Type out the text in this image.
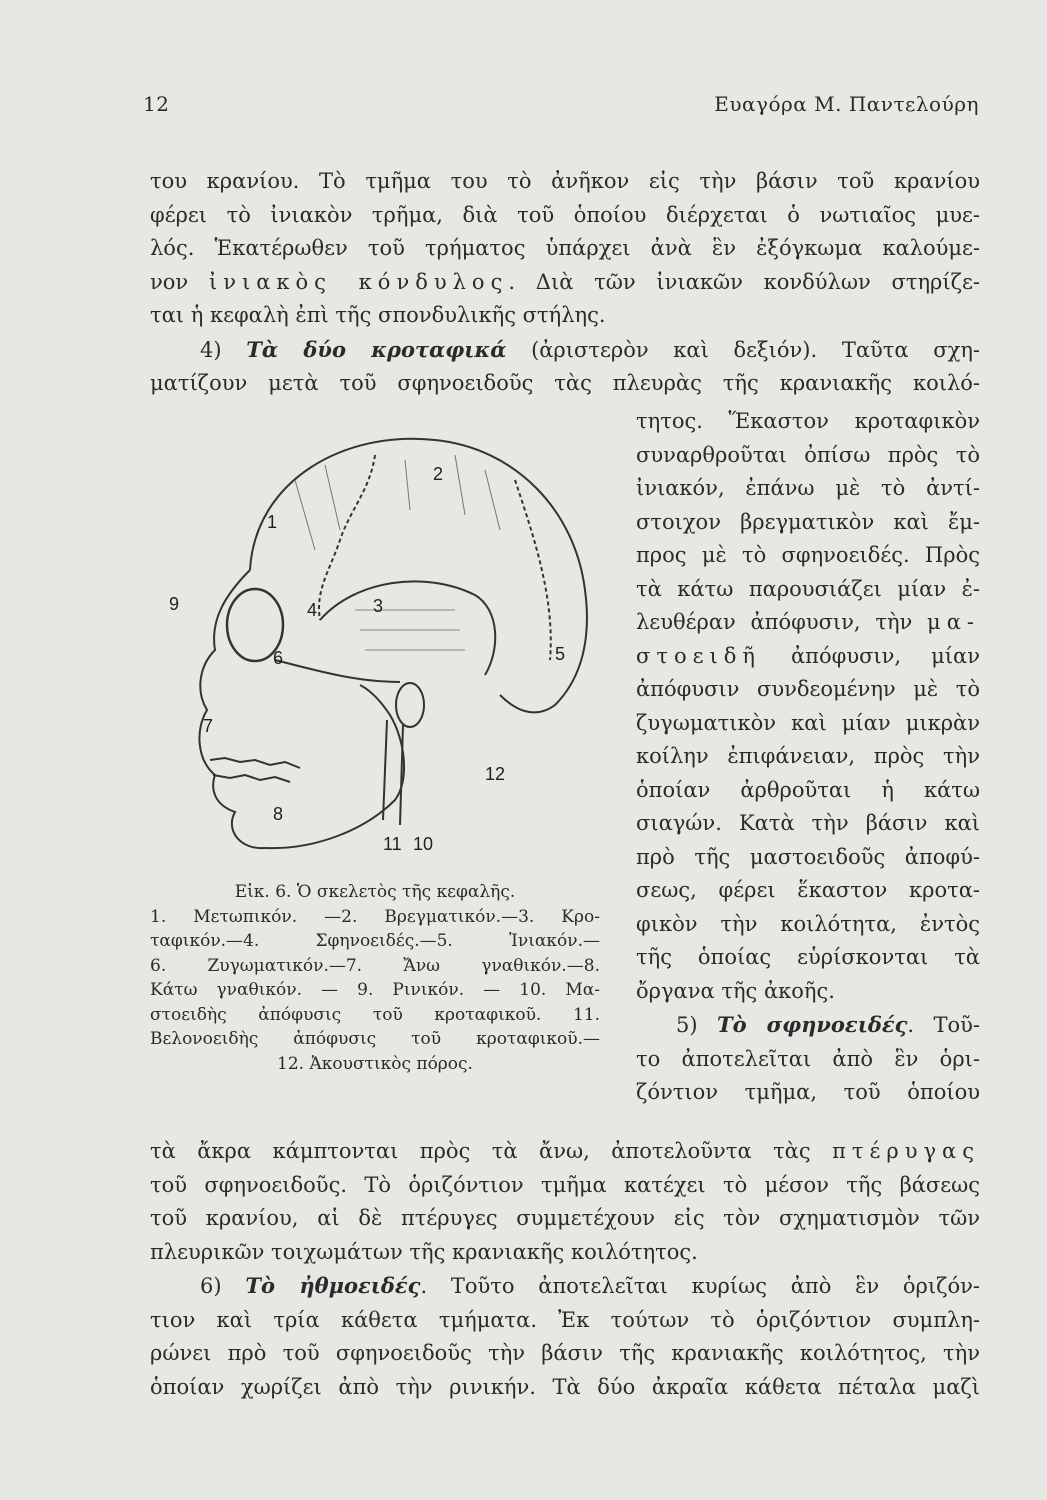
12	Ευαγόρα Μ. Παντελούρη
του κρανίου. Τὸ τμῆμα του τὸ ἀνῆκον εἰς τὴν βάσιν τοῦ κρανίου
φέρει τὸ ἰνιακὸν τρῆμα, διὰ τοῦ ὁποίου διέρχεται ὁ νωτιαῖος μυε-
λός. Ἑκατέρωθεν τοῦ τρήματος ὑπάρχει ἀνὰ ἓν ἐξόγκωμα καλούμε-
νον ἰνιακὸς κόνδυλος. Διὰ τῶν ἰνιακῶν κονδύλων στηρίζε-
ται ἡ κεφαλὴ ἐπὶ τῆς σπονδυλικῆς στήλης.
4) Τὰ δύο κροταφικά (ἀριστερὸν καὶ δεξιόν). Ταῦτα σχη-
ματίζουν μετὰ τοῦ σφηνοειδοῦς τὰς πλευρὰς τῆς κρανιακῆς κοιλό-
τητος. Ἕκαστον κροταφικὸν
συναρθροῦται ὀπίσω πρὸς τὸ
ἰνιακόν, ἐπάνω μὲ τὸ ἀντί-
στοιχον βρεγματικὸν καὶ ἔμ-
προς μὲ τὸ σφηνοειδές. Πρὸς
τὰ κάτω παρουσιάζει μίαν ἐ-
λευθέραν ἀπόφυσιν, τὴν μα-
στοειδῆ ἀπόφυσιν, μίαν
ἀπόφυσιν συνδεομένην μὲ τὸ
ζυγωματικὸν καὶ μίαν μικρὰν
κοίλην ἐπιφάνειαν, πρὸς τὴν
ὁποίαν ἀρθροῦται ἡ κάτω
σιαγών. Κατὰ τὴν βάσιν καὶ
πρὸ τῆς μαστοειδοῦς ἀποφύ-
σεως, φέρει ἕκαστον κροτα-
φικὸν τὴν κοιλότητα, ἐντὸς
τῆς ὁποίας εὑρίσκονται τὰ
ὄργανα τῆς ἀκοῆς.
5) Τὸ σφηνοειδές. Τοῦ-
το ἀποτελεῖται ἀπὸ ἓν ὁρι-
ζόντιον τμῆμα, τοῦ ὁποίου
1
2
3
4
5
6
7
8
9
10
11
12
Εἰκ. 6. Ὁ σκελετὸς τῆς κεφαλῆς.
1. Μετωπικόν. —2. Βρεγματικόν.—3. Κρο-
ταφικόν.—4. Σφηνοειδές.—5. Ἰνιακόν.—
6. Ζυγωματικόν.—7. Ἄνω γναθικόν.—8.
Κάτω γναθικόν. — 9. Ρινικόν. — 10. Μα-
στοειδὴς ἀπόφυσις τοῦ κροταφικοῦ. 11.
Βελονοειδὴς ἀπόφυσις τοῦ κροταφικοῦ.—
12. Ἀκουστικὸς πόρος.
τὰ ἄκρα κάμπτονται πρὸς τὰ ἄνω, ἀποτελοῦντα τὰς πτέρυγας
τοῦ σφηνοειδοῦς. Τὸ ὁριζόντιον τμῆμα κατέχει τὸ μέσον τῆς βάσεως
τοῦ κρανίου, αἱ δὲ πτέρυγες συμμετέχουν εἰς τὸν σχηματισμὸν τῶν
πλευρικῶν τοιχωμάτων τῆς κρανιακῆς κοιλότητος.
6) Τὸ ἠθμοειδές. Τοῦτο ἀποτελεῖται κυρίως ἀπὸ ἓν ὁριζόν-
τιον καὶ τρία κάθετα τμήματα. Ἐκ τούτων τὸ ὁριζόντιον συμπλη-
ρώνει πρὸ τοῦ σφηνοειδοῦς τὴν βάσιν τῆς κρανιακῆς κοιλότητος, τὴν
ὁποίαν χωρίζει ἀπὸ τὴν ρινικήν. Τὰ δύο ἀκραῖα κάθετα πέταλα μαζὶ
